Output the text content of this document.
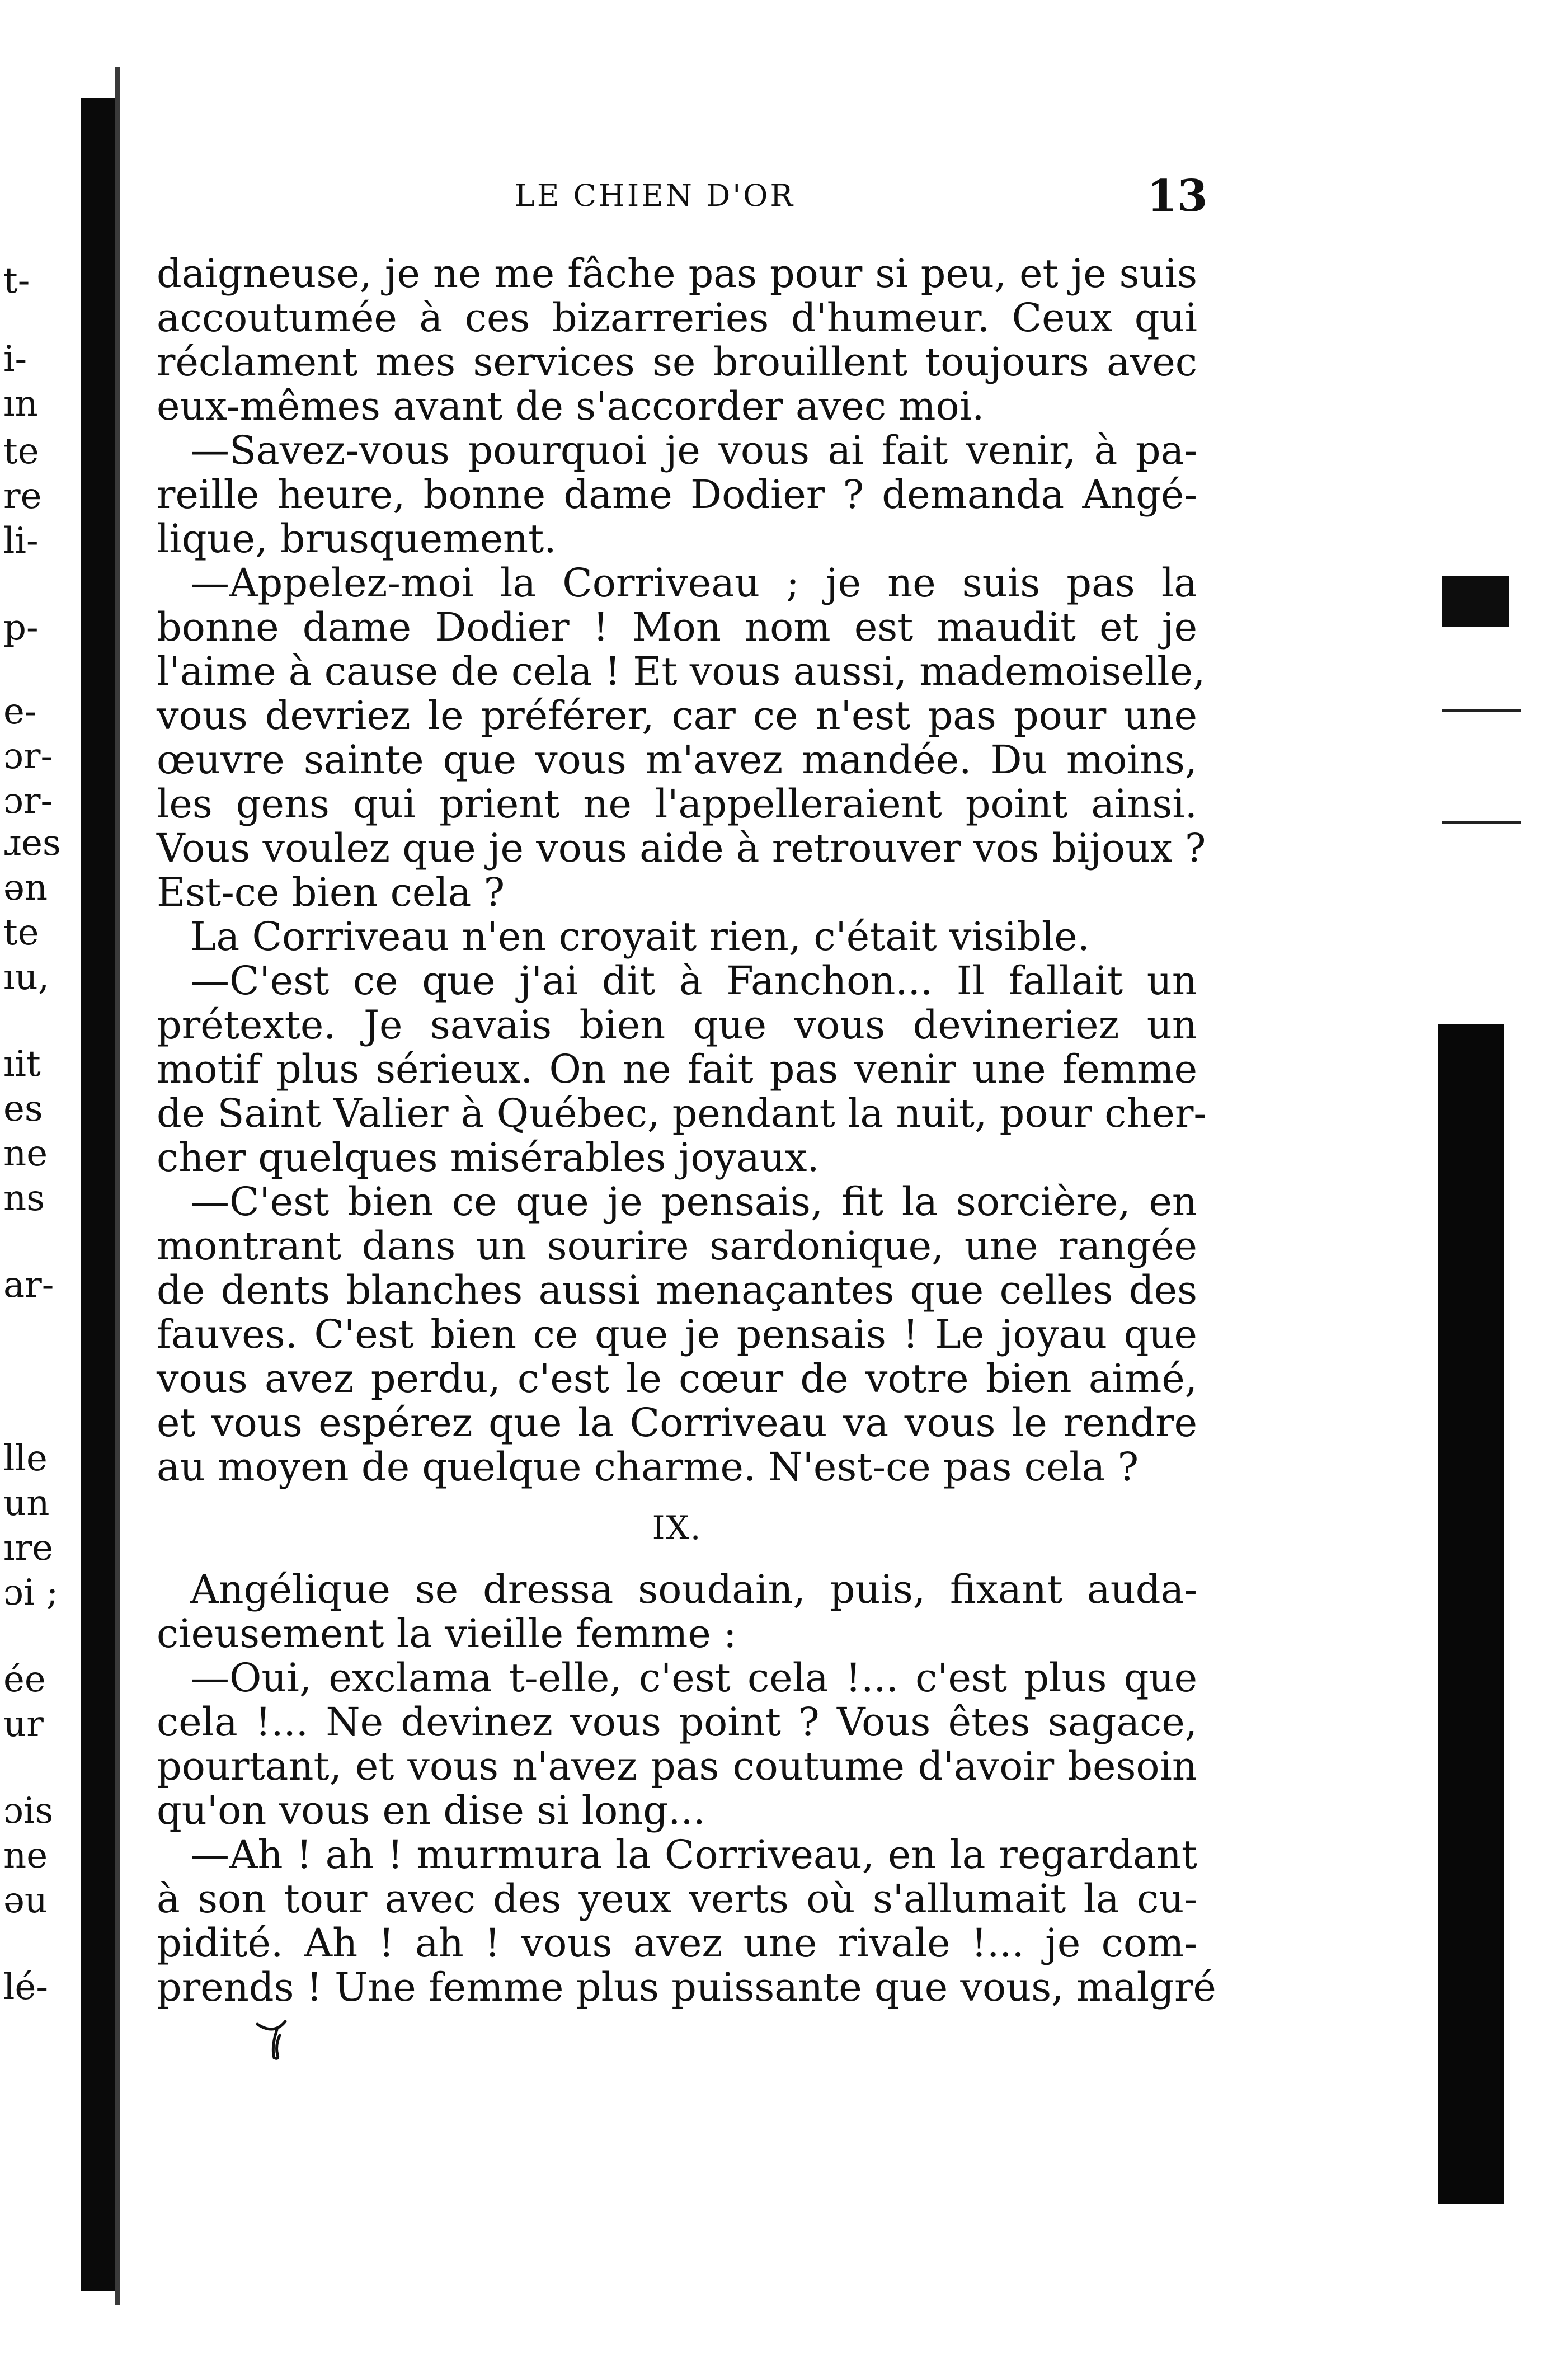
t-
i-
ın
te
re
li-
p-
e-
ɔr-
ɔr-
ɹes
ən
te
ıu,
ıit
es
ne
ns
ar-
lle
un
ıre
ɔi ;
ée
ur
ɔis
ne
əu
lé-
LE CHIEN D'OR	13
daigneuse, je ne me fâche pas pour si peu, et je suis
accoutumée à ces bizarreries d'humeur. Ceux qui
réclament mes services se brouillent toujours avec
eux-mêmes avant de s'accorder avec moi.
—Savez-vous pourquoi je vous ai fait venir, à pa-
reille heure, bonne dame Dodier ? demanda Angé-
lique, brusquement.
—Appelez-moi la Corriveau ; je ne suis pas la
bonne dame Dodier ! Mon nom est maudit et je
l'aime à cause de cela ! Et vous aussi, mademoiselle,
vous devriez le préférer, car ce n'est pas pour une
œuvre sainte que vous m'avez mandée. Du moins,
les gens qui prient ne l'appelleraient point ainsi.
Vous voulez que je vous aide à retrouver vos bijoux ?
Est-ce bien cela ?
La Corriveau n'en croyait rien, c'était visible.
—C'est ce que j'ai dit à Fanchon... Il fallait un
prétexte. Je savais bien que vous devineriez un
motif plus sérieux. On ne fait pas venir une femme
de Saint Valier à Québec, pendant la nuit, pour cher-
cher quelques misérables joyaux.
—C'est bien ce que je pensais, fit la sorcière, en
montrant dans un sourire sardonique, une rangée
de dents blanches aussi menaçantes que celles des
fauves. C'est bien ce que je pensais ! Le joyau que
vous avez perdu, c'est le cœur de votre bien aimé,
et vous espérez que la Corriveau va vous le rendre
au moyen de quelque charme. N'est-ce pas cela ?
IX.
Angélique se dressa soudain, puis, fixant auda-
cieusement la vieille femme :
—Oui, exclama t-elle, c'est cela !... c'est plus que
cela !... Ne devinez vous point ? Vous êtes sagace,
pourtant, et vous n'avez pas coutume d'avoir besoin
qu'on vous en dise si long...
—Ah ! ah ! murmura la Corriveau, en la regardant
à son tour avec des yeux verts où s'allumait la cu-
pidité. Ah ! ah ! vous avez une rivale !... je com-
prends ! Une femme plus puissante que vous, malgré
